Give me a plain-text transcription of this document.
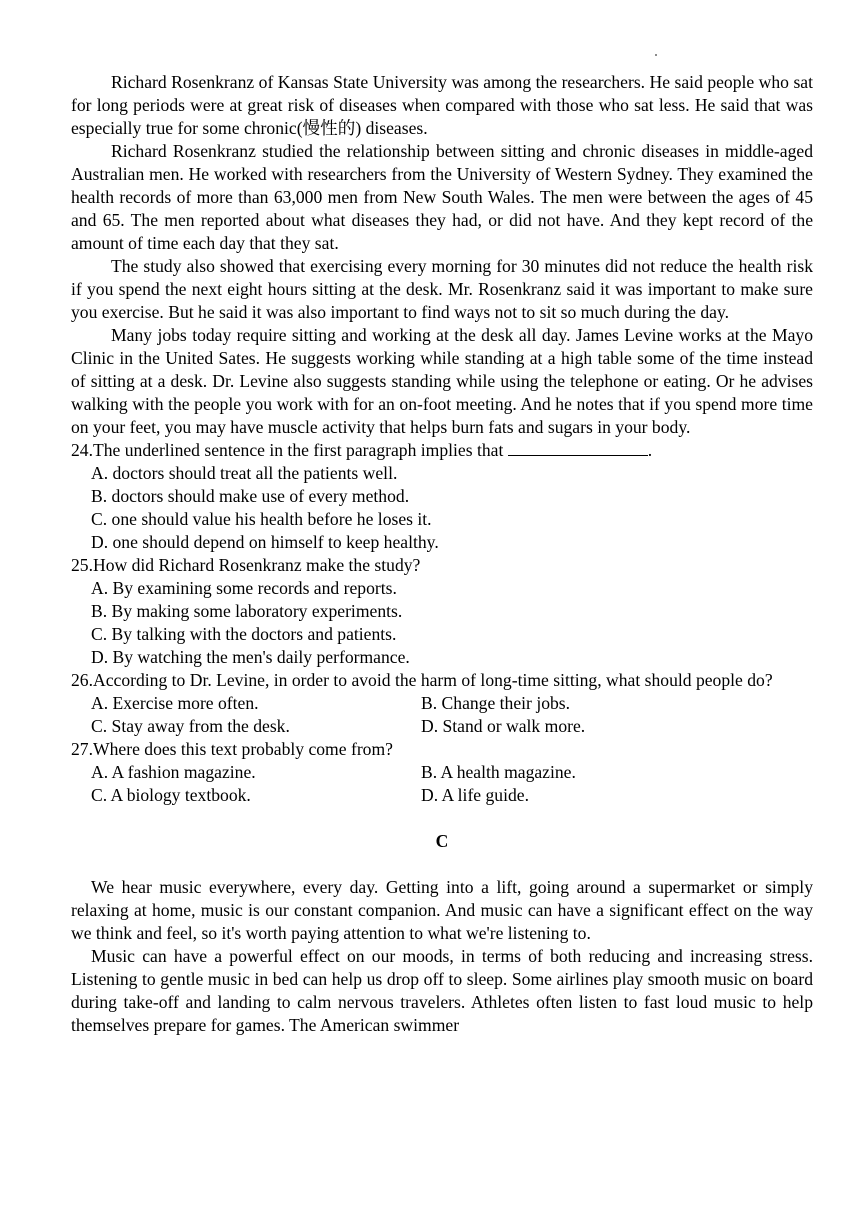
Richard Rosenkranz of Kansas State University was among the researchers. He said people who sat for long periods were at great risk of diseases when compared with those who sat less. He said that was especially true for some chronic(慢性的) diseases.

Richard Rosenkranz studied the relationship between sitting and chronic diseases in middle-aged Australian men. He worked with researchers from the University of Western Sydney. They examined the health records of more than 63,000 men from New South Wales. The men were between the ages of 45 and 65. The men reported about what diseases they had, or did not have. And they kept record of the amount of time each day that they sat.

The study also showed that exercising every morning for 30 minutes did not reduce the health risk if you spend the next eight hours sitting at the desk. Mr. Rosenkranz said it was important to make sure you exercise. But he said it was also important to find ways not to sit so much during the day.

Many jobs today require sitting and working at the desk all day. James Levine works at the Mayo Clinic in the United Sates. He suggests working while standing at a high table some of the time instead of sitting at a desk. Dr. Levine also suggests standing while using the telephone or eating. Or he advises walking with the people you work with for an on-foot meeting. And he notes that if you spend more time on your feet, you may have muscle activity that helps burn fats and sugars in your body.

24.The underlined sentence in the first paragraph implies that	.
A. doctors should treat all the patients well.
B. doctors should make use of every method.
C. one should value his health before he loses it.
D. one should depend on himself to keep healthy.
25.How did Richard Rosenkranz make the study?
A. By examining some records and reports.
B. By making some laboratory experiments.
C. By talking with the doctors and patients.
D. By watching the men's daily performance.
26.According to Dr. Levine, in order to avoid the harm of long-time sitting, what should people do?
A. Exercise more often.	B. Change their jobs.
C. Stay away from the desk.	D. Stand or walk more.
27.Where does this text probably come from?
A. A fashion magazine.	B. A health magazine.
C. A biology textbook.	D. A life guide.
C

We hear music everywhere, every day. Getting into a lift, going around a supermarket or simply relaxing at home, music is our constant companion. And music can have a significant effect on the way we think and feel, so it's worth paying attention to what we're listening to.

Music can have a powerful effect on our moods, in terms of both reducing and increasing stress. Listening to gentle music in bed can help us drop off to sleep. Some airlines play smooth music on board during take-off and landing to calm nervous travelers. Athletes often listen to fast loud music to help themselves prepare for games. The American swimmer
